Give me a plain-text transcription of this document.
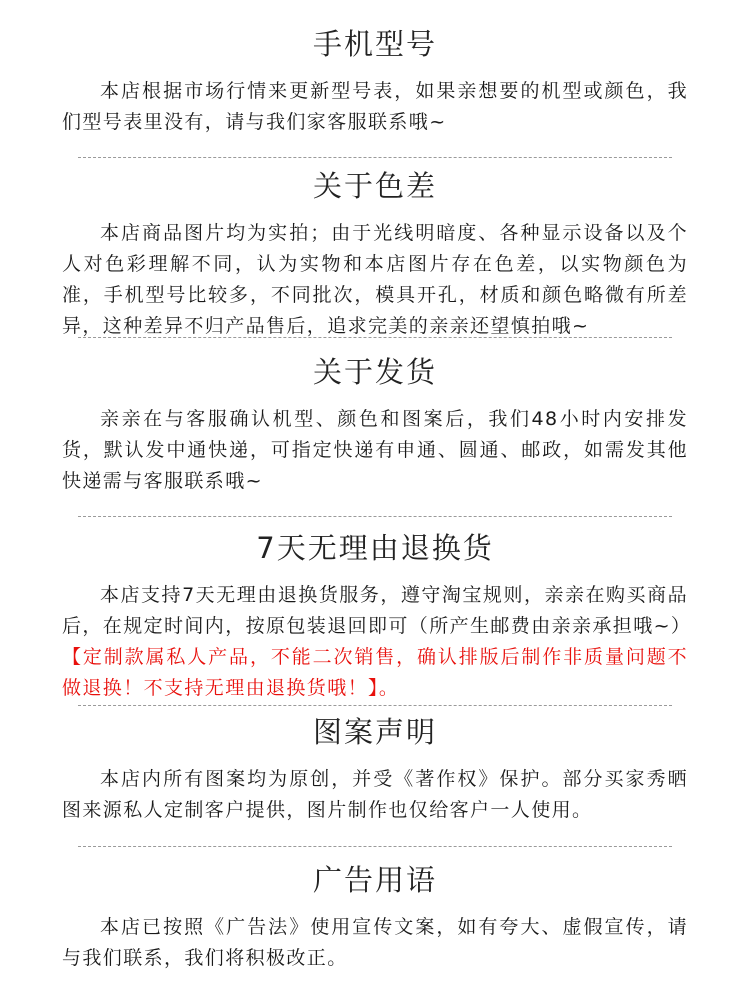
手机型号

本店根据市场行情来更新型号表，如果亲想要的机型或颜色，我们型号表里没有，请与我们家客服联系哦~

关于色差

本店商品图片均为实拍；由于光线明暗度、各种显示设备以及个人对色彩理解不同，认为实物和本店图片存在色差，以实物颜色为准，手机型号比较多，不同批次，模具开孔，材质和颜色略微有所差异，这种差异不归产品售后，追求完美的亲亲还望慎拍哦~

关于发货

亲亲在与客服确认机型、颜色和图案后，我们48小时内安排发货，默认发中通快递，可指定快递有申通、圆通、邮政，如需发其他快递需与客服联系哦~

7天无理由退换货

本店支持7天无理由退换货服务，遵守淘宝规则，亲亲在购买商品后，在规定时间内，按原包装退回即可（所产生邮费由亲亲承担哦~）【定制款属私人产品，不能二次销售，确认排版后制作非质量问题不做退换！不支持无理由退换货哦！】。

图案声明

本店内所有图案均为原创，并受《著作权》保护。部分买家秀晒图来源私人定制客户提供，图片制作也仅给客户一人使用。

广告用语

本店已按照《广告法》使用宣传文案，如有夸大、虚假宣传，请与我们联系，我们将积极改正。
